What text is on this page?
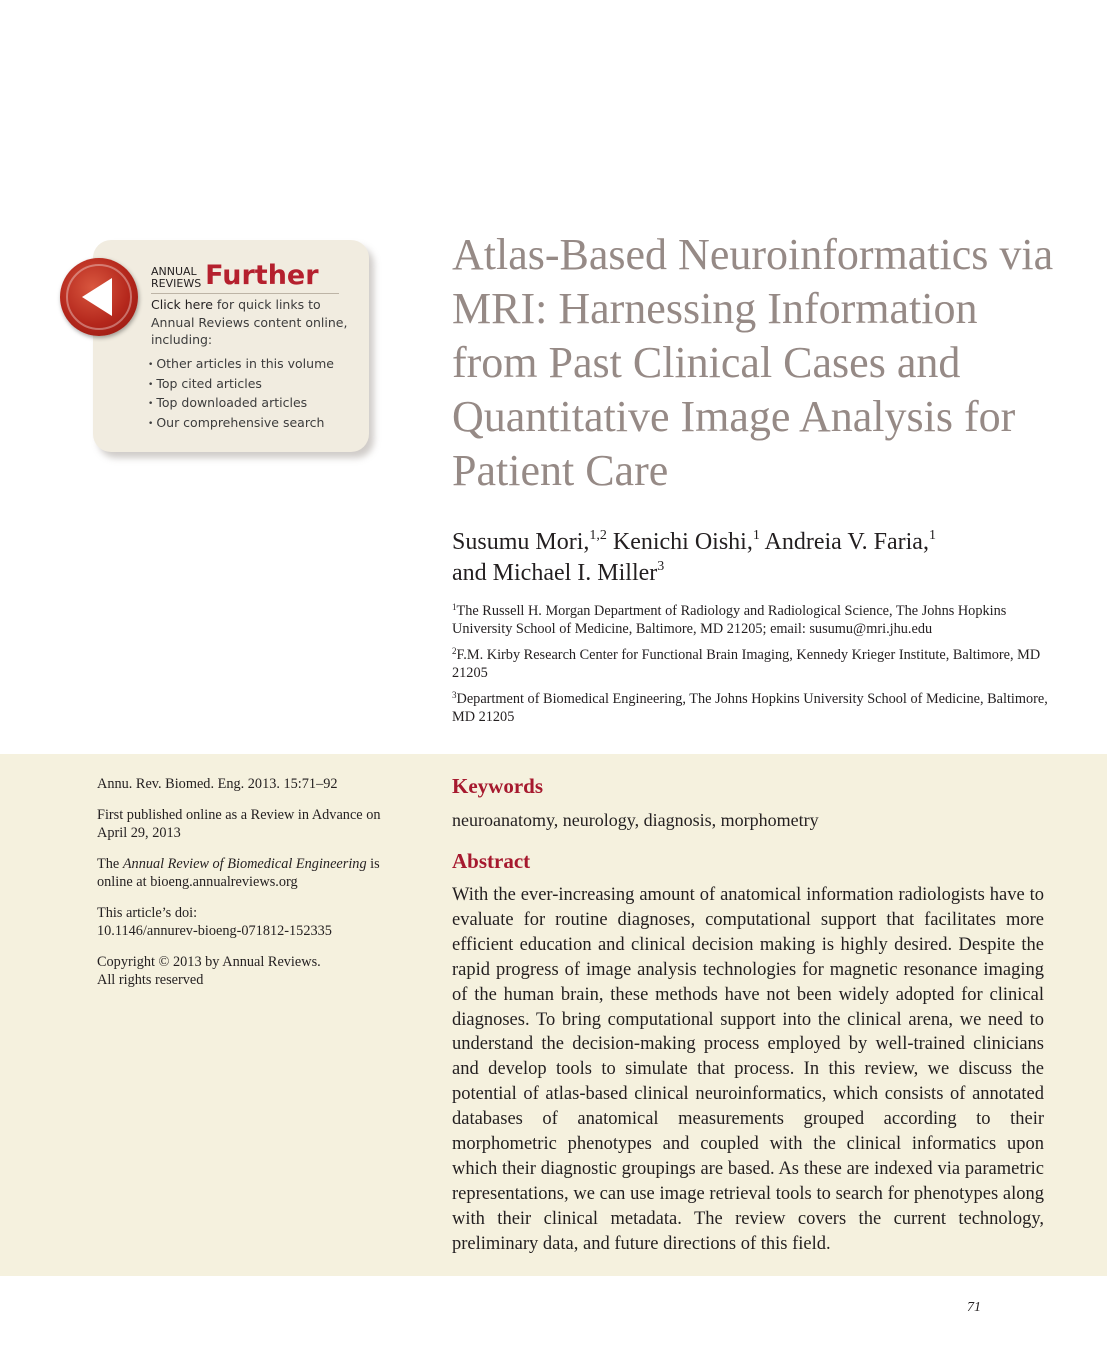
ANNUAL
REVIEWS Further
Click here for quick links to Annual Reviews content online, including:
• Other articles in this volume
• Top cited articles
• Top downloaded articles
• Our comprehensive search
Atlas-Based Neuroinformatics via MRI: Harnessing Information from Past Clinical Cases and Quantitative Image Analysis for Patient Care
Susumu Mori,$^{1,2}$ Kenichi Oishi,$^1$ Andreia V. Faria,$^1$
and Michael I. Miller$^3$

$^1$The Russell H. Morgan Department of Radiology and Radiological Science, The Johns Hopkins University School of Medicine, Baltimore, MD 21205; email: susumu@mri.jhu.edu

$^2$F.M. Kirby Research Center for Functional Brain Imaging, Kennedy Krieger Institute, Baltimore, MD 21205

$^3$Department of Biomedical Engineering, The Johns Hopkins University School of Medicine, Baltimore, MD 21205

Annu. Rev. Biomed. Eng. 2013. 15:71–92

First published online as a Review in Advance on April 29, 2013

The Annual Review of Biomedical Engineering is online at bioeng.annualreviews.org

This article’s doi:
10.1146/annurev-bioeng-071812-152335

Copyright © 2013 by Annual Reviews.
All rights reserved

Keywords
neuroanatomy, neurology, diagnosis, morphometry
Abstract
With the ever-increasing amount of anatomical information radiologists have to evaluate for routine diagnoses, computational support that facilitates more efficient education and clinical decision making is highly desired. Despite the rapid progress of image analysis technologies for magnetic resonance imaging of the human brain, these methods have not been widely adopted for clinical diagnoses. To bring computational support into the clinical arena, we need to understand the decision-making process employed by well-trained clinicians and develop tools to simulate that process. In this review, we discuss the potential of atlas-based clinical neuroinformatics, which consists of annotated databases of anatomical measurements grouped according to their morphometric phenotypes and coupled with the clinical informatics upon which their diagnostic groupings are based. As these are indexed via parametric representations, we can use image retrieval tools to search for phenotypes along with their clinical metadata. The review covers the current technology, preliminary data, and future directions of this field.
71
